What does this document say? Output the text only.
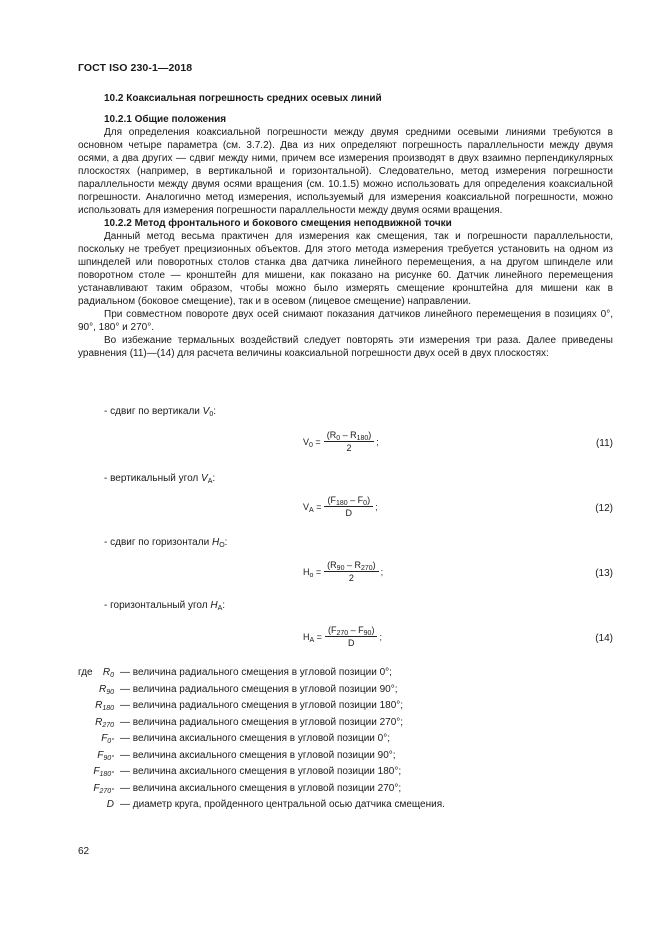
ГОСТ ISO 230-1—2018
10.2 Коаксиальная погрешность средних осевых линий

10.2.1 Общие положения

Для определения коаксиальной погрешности между двумя средними осевыми линиями требуются в основном четыре параметра (см. 3.7.2). Два из них определяют погрешность параллельности между двумя осями, а два других — сдвиг между ними, причем все измерения производят в двух взаимно перпендикулярных плоскостях (например, в вертикальной и горизонтальной). Следовательно, метод измерения погрешности параллельности между двумя осями вращения (см. 10.1.5) можно использовать для определения коаксиальной погрешности. Аналогично метод измерения, используемый для измерения коаксиальной погрешности, можно использовать для измерения погрешности параллельности между двумя осями вращения.

10.2.2 Метод фронтального и бокового смещения неподвижной точки

Данный метод весьма практичен для измерения как смещения, так и погрешности параллельности, поскольку не требует прецизионных объектов. Для этого метода измерения требуется установить на одном из шпинделей или поворотных столов станка два датчика линейного перемещения, а на другом шпинделе или поворотном столе — кронштейн для мишени, как показано на рисунке 60. Датчик линейного перемещения устанавливают таким образом, чтобы можно было измерять смещение кронштейна для мишени как в радиальном (боковое смещение), так и в осевом (лицевое смещение) направлении.

При совместном повороте двух осей снимают показания датчиков линейного перемещения в позициях 0°, 90°, 180° и 270°.

Во избежание термальных воздействий следует повторять эти измерения три раза. Далее приведены уравнения (11)—(14) для расчета величины коаксиальной погрешности двух осей в двух плоскостях:

- сдвиг по вертикали $V_0$:
- вертикальный угол $V_A$:
- сдвиг по горизонтали $H_O$:
- горизонтальный угол $H_A$:
$V_0 = \frac{(R_0 - R_{180})}{2}$ ;	(11)
$V_A = \frac{(F_{180} - F_0)}{D}$ ;	(12)
$H_o = \frac{(R_{90} - R_{270})}{2}$ ;	(13)
$H_A = \frac{(F_{270} - F_{90})}{D}$ ;	(14)
где	$R_0$ — величина радиального смещения в угловой позиции 0°;
$R_{90}$ — величина радиального смещения в угловой позиции 90°;
$R_{180}$ — величина радиального смещения в угловой позиции 180°;
$R_{270}$ — величина радиального смещения в угловой позиции 270°;
$F_{0^\circ}$ — величина аксиального смещения в угловой позиции 0°;
$F_{90^\circ}$ — величина аксиального смещения в угловой позиции 90°;
$F_{180^\circ}$ — величина аксиального смещения в угловой позиции 180°;
$F_{270^\circ}$ — величина аксиального смещения в угловой позиции 270°;
D — диаметр круга, пройденного центральной осью датчика смещения.
62
